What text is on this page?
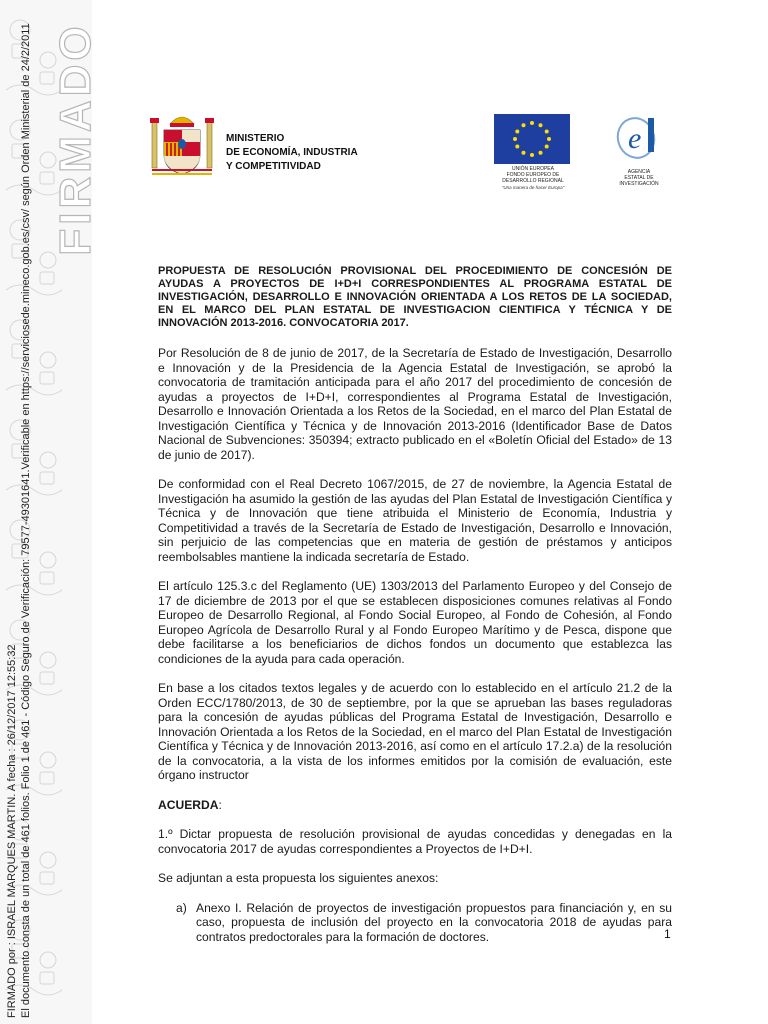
FIRMADO
FIRMADO por : ISRAEL MARQUES MARTIN. A fecha : 26/12/2017 12:55:32 El documento consta de un total de 461 folios. Folio 1 de 461 - Código Seguro de Verificación: 79577-49301641.Verificable en https://serviciosede.mineco.gob.es/csv/ según Orden Ministerial de 24/2/2011	MINISTERIO
DE ECONOMÍA, INDUSTRIA
Y COMPETITIVIDAD	UNIÓN EUROPEA
FONDO EUROPEO DE
DESARROLLO REGIONAL
"Una manera de hacer Europa"
e
AGENCIA
ESTATAL DE
INVESTIGACIÓN
PROPUESTA DE RESOLUCIÓN PROVISIONAL DEL PROCEDIMIENTO DE CONCESIÓN DE AYUDAS A PROYECTOS DE I+D+I CORRESPONDIENTES AL PROGRAMA ESTATAL DE INVESTIGACIÓN, DESARROLLO E INNOVACIÓN ORIENTADA A LOS RETOS DE LA SOCIEDAD, EN EL MARCO DEL PLAN ESTATAL DE INVESTIGACION CIENTIFICA Y TÉCNICA Y DE INNOVACIÓN 2013-2016. CONVOCATORIA 2017.

Por Resolución de 8 de junio de 2017, de la Secretaría de Estado de Investigación, Desarrollo e Innovación y de la Presidencia de la Agencia Estatal de Investigación, se aprobó la convocatoria de tramitación anticipada para el año 2017 del procedimiento de concesión de ayudas a proyectos de I+D+I, correspondientes al Programa Estatal de Investigación, Desarrollo e Innovación Orientada a los Retos de la Sociedad, en el marco del Plan Estatal de Investigación Científica y Técnica y de Innovación 2013-2016 (Identificador Base de Datos Nacional de Subvenciones: 350394; extracto publicado en el «Boletín Oficial del Estado» de 13 de junio de 2017).

De conformidad con el Real Decreto 1067/2015, de 27 de noviembre, la Agencia Estatal de Investigación ha asumido la gestión de las ayudas del Plan Estatal de Investigación Científica y Técnica y de Innovación que tiene atribuida el Ministerio de Economía, Industria y Competitividad a través de la Secretaría de Estado de Investigación, Desarrollo e Innovación, sin perjuicio de las competencias que en materia de gestión de préstamos y anticipos reembolsables mantiene la indicada secretaría de Estado.

El artículo 125.3.c del Reglamento (UE) 1303/2013 del Parlamento Europeo y del Consejo de 17 de diciembre de 2013 por el que se establecen disposiciones comunes relativas al Fondo Europeo de Desarrollo Regional, al Fondo Social Europeo, al Fondo de Cohesión, al Fondo Europeo Agrícola de Desarrollo Rural y al Fondo Europeo Marítimo y de Pesca, dispone que debe facilitarse a los beneficiarios de dichos fondos un documento que establezca las condiciones de la ayuda para cada operación.

En base a los citados textos legales y de acuerdo con lo establecido en el artículo 21.2 de la Orden ECC/1780/2013, de 30 de septiembre, por la que se aprueban las bases reguladoras para la concesión de ayudas públicas del Programa Estatal de Investigación, Desarrollo e Innovación Orientada a los Retos de la Sociedad, en el marco del Plan Estatal de Investigación Científica y Técnica y de Innovación 2013-2016, así como en el artículo 17.2.a) de la resolución de la convocatoria, a la vista de los informes emitidos por la comisión de evaluación, este órgano instructor

ACUERDA:

1.º Dictar propuesta de resolución provisional de ayudas concedidas y denegadas en la convocatoria 2017 de ayudas correspondientes a Proyectos de I+D+I.

Se adjuntan a esta propuesta los siguientes anexos:

a) Anexo I. Relación de proyectos de investigación propuestos para financiación y, en su caso, propuesta de inclusión del proyecto en la convocatoria 2018 de ayudas para contratos predoctorales para la formación de doctores.	1
